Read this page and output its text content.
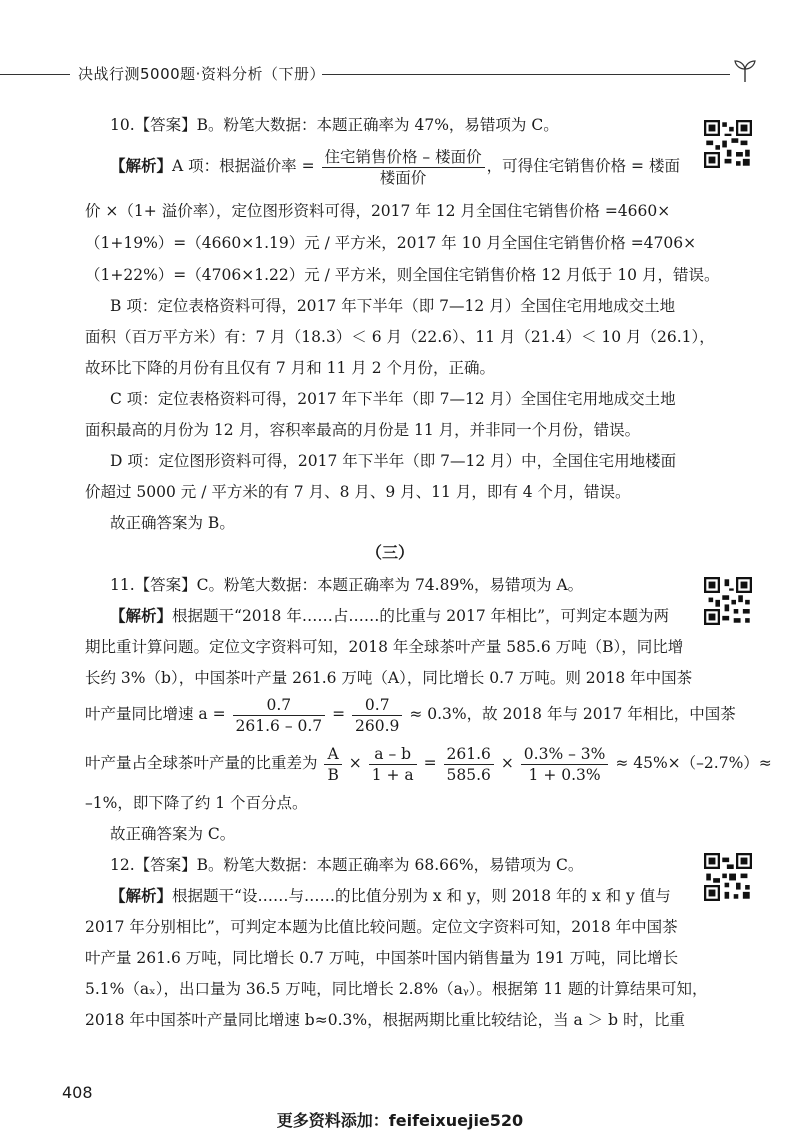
决战行测5000题·资料分析（下册）
10.【答案】B。粉笔大数据：本题正确率为 47%，易错项为 C。
【解析】A 项：根据溢价率 = $\frac{\text{住宅销售价格 – 楼面价}}{\text{楼面价}}$ ，可得住宅销售价格 = 楼面
价 ×（1+ 溢价率），定位图形资料可得，2017 年 12 月全国住宅销售价格 =4660×
（1+19%）=（4660×1.19）元 / 平方米，2017 年 10 月全国住宅销售价格 =4706×
（1+22%）=（4706×1.22）元 / 平方米，则全国住宅销售价格 12 月低于 10 月，错误。
B 项：定位表格资料可得，2017 年下半年（即 7—12 月）全国住宅用地成交土地
面积（百万平方米）有：7 月（18.3）＜ 6 月（22.6）、11 月（21.4）＜ 10 月（26.1），
故环比下降的月份有且仅有 7 月和 11 月 2 个月份，正确。
C 项：定位表格资料可得，2017 年下半年（即 7—12 月）全国住宅用地成交土地
面积最高的月份为 12 月，容积率最高的月份是 11 月，并非同一个月份，错误。
D 项：定位图形资料可得，2017 年下半年（即 7—12 月）中，全国住宅用地楼面
价超过 5000 元 / 平方米的有 7 月、8 月、9 月、11 月，即有 4 个月，错误。
故正确答案为 B。
（三）
11.【答案】C。粉笔大数据：本题正确率为 74.89%，易错项为 A。
【解析】根据题干“2018 年……占……的比重与 2017 年相比”，可判定本题为两
期比重计算问题。定位文字资料可知，2018 年全球茶叶产量 585.6 万吨（B），同比增
长约 3%（b），中国茶叶产量 261.6 万吨（A），同比增长 0.7 万吨。则 2018 年中国茶
叶产量同比增速 $a = \frac{0.7}{261.6 - 0.7} = \frac{0.7}{260.9} \approx 0.3\%$，故 2018 年与 2017 年相比，中国茶
叶产量占全球茶叶产量的比重差为 $\frac{A}{B} \times \frac{a - b}{1 + a} = \frac{261.6}{585.6} \times \frac{0.3\% - 3\%}{1 + 0.3\%} \approx 45\%\times(-2.7\%)\approx$
–1%，即下降了约 1 个百分点。
故正确答案为 C。
12.【答案】B。粉笔大数据：本题正确率为 68.66%，易错项为 C。
【解析】根据题干“设……与……的比值分别为 x 和 y，则 2018 年的 x 和 y 值与
2017 年分别相比”，可判定本题为比值比较问题。定位文字资料可知，2018 年中国茶
叶产量 261.6 万吨，同比增长 0.7 万吨，中国茶叶国内销售量为 191 万吨，同比增长
5.1%（aₓ），出口量为 36.5 万吨，同比增长 2.8%（aᵧ）。根据第 11 题的计算结果可知，
2018 年中国茶叶产量同比增速 b≈0.3%，根据两期比重比较结论，当 a ＞ b 时，比重
408
更多资料添加：feifeixuejie520
